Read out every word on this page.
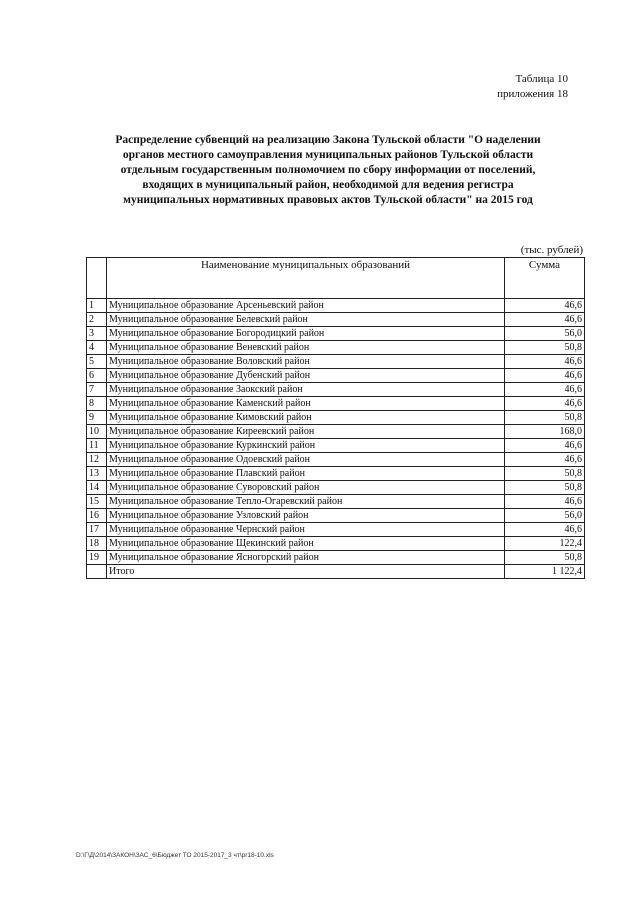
Таблица 10
приложения 18
Распределение субвенций на реализацию Закона Тульской области "О наделении
органов местного самоуправления муниципальных районов Тульской области
отдельным государственным полномочием по сбору информации от поселений,
входящих в муниципальный район, необходимой для ведения регистра
муниципальных нормативных правовых актов Тульской области" на 2015 год
(тыс. рублей)
	Наименование муниципальных образований	Сумма
1	Муниципальное образование Арсеньевский район	46,6
2	Муниципальное образование Белевский район	46,6
3	Муниципальное образование Богородицкий район	56,0
4	Муниципальное образование Веневский район	50,8
5	Муниципальное образование Воловский район	46,6
6	Муниципальное образование Дубенский район	46,6
7	Муниципальное образование Заокский район	46,6
8	Муниципальное образование Каменский район	46,6
9	Муниципальное образование Кимовский район	50,8
10	Муниципальное образование Киреевский район	168,0
11	Муниципальное образование Куркинский район	46,6
12	Муниципальное образование Одоевский район	46,6
13	Муниципальное образование Плавский район	50,8
14	Муниципальное образование Суворовский район	50,8
15	Муниципальное образование Тепло-Огаревский район	46,6
16	Муниципальное образование Узловский район	56,0
17	Муниципальное образование Чернский район	46,6
18	Муниципальное образование Щекинский район	122,4
19	Муниципальное образование Ясногорский район	50,8
	Итого	1 122,4
D:\Г\Д\2014\ЗАКОН\ЗАС_6\Бюджет ТО 2015-2017_3 чт\pr18-10.xls
